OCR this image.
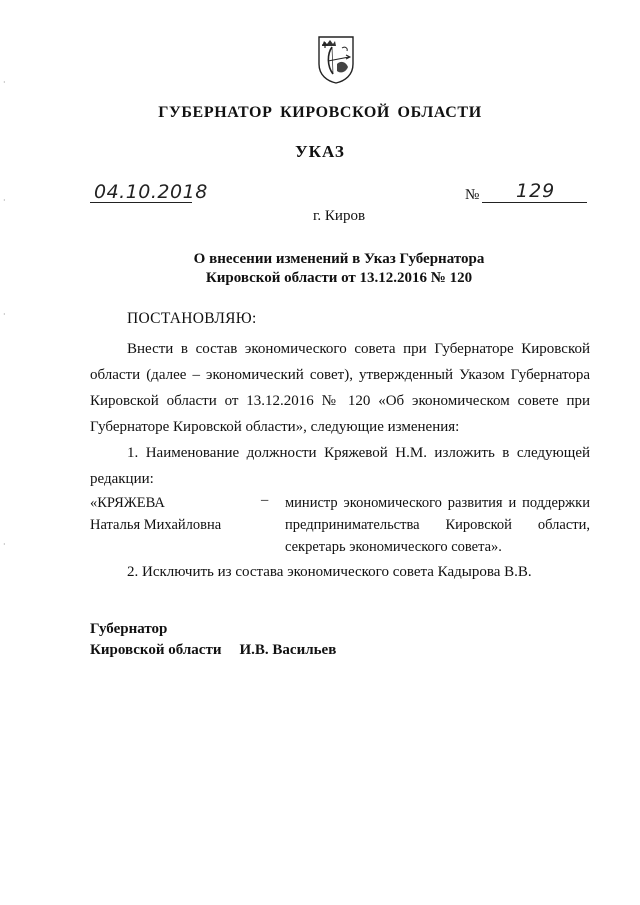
ГУБЕРНАТОР КИРОВСКОЙ ОБЛАСТИ
УКАЗ
04.10.2018	№ 129
г. Киров
О внесении изменений в Указ Губернатора
Кировской области от 13.12.2016 № 120
ПОСТАНОВЛЯЮ:
Внести в состав экономического совета при Губернаторе Кировской области (далее – экономический совет), утвержденный Указом Губернатора Кировской области от 13.12.2016 № 120 «Об экономическом совете при Губернаторе Кировской области», следующие изменения:
1. Наименование должности Кряжевой Н.М. изложить в следующей редакции:
«КРЯЖЕВА
Наталья Михайловна
– министр экономического развития и поддержки предпринимательства Кировской области, секретарь экономического совета».
2. Исключить из состава экономического совета Кадырова В.В.
Губернатор
Кировской области И.В. Васильев
·
·
·
·
